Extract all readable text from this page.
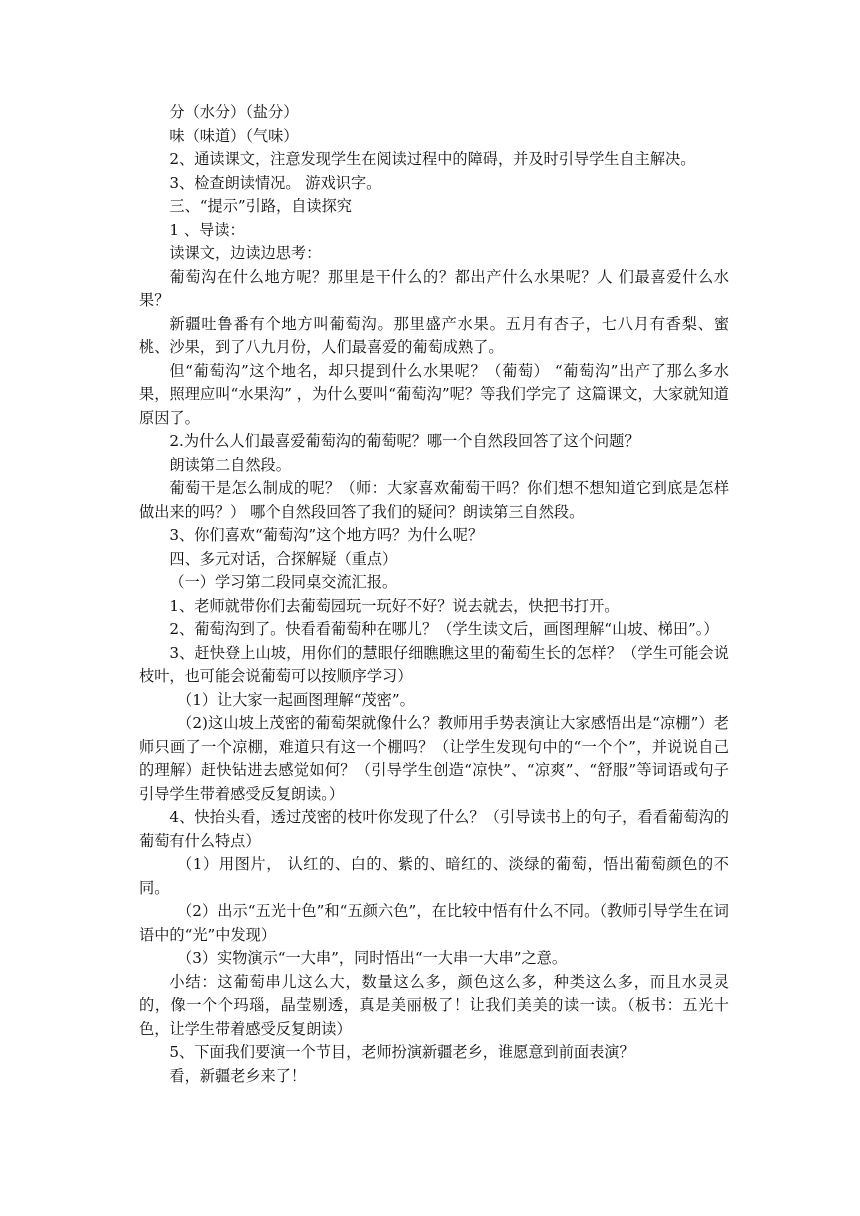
分（水分）（盐分）

味（味道）（气味）

2、通读课文，注意发现学生在阅读过程中的障碍，并及时引导学生自主解决。

3、检查朗读情况。 游戏识字。

三、“提示”引路，自读探究

1 、导读：

读课文，边读边思考：

葡萄沟在什么地方呢？那里是干什么的？都出产什么水果呢？人 们最喜爱什么水果？

新疆吐鲁番有个地方叫葡萄沟。那里盛产水果。五月有杏子，七八月有香梨、蜜桃、沙果，到了八九月份，人们最喜爱的葡萄成熟了。

但“葡萄沟”这个地名，却只提到什么水果呢？（葡萄） “葡萄沟”出产了那么多水果，照理应叫“水果沟” ，为什么要叫“葡萄沟”呢？等我们学完了 这篇课文，大家就知道原因了。

2.为什么人们最喜爱葡萄沟的葡萄呢？哪一个自然段回答了这个问题？

朗读第二自然段。

葡萄干是怎么制成的呢？（师：大家喜欢葡萄干吗？你们想不想知道它到底是怎样做出来的吗？） 哪个自然段回答了我们的疑问？朗读第三自然段。

3、你们喜欢“葡萄沟”这个地方吗？为什么呢？

四、多元对话，合探解疑（重点）

（一）学习第二段同桌交流汇报。

1、老师就带你们去葡萄园玩一玩好不好？说去就去，快把书打开。

2、葡萄沟到了。快看看葡萄种在哪儿？（学生读文后，画图理解“山坡、梯田”。）

3、赶快登上山坡，用你们的慧眼仔细瞧瞧这里的葡萄生长的怎样？（学生可能会说枝叶，也可能会说葡萄可以按顺序学习）

（1）让大家一起画图理解“茂密”。

（2)这山坡上茂密的葡萄架就像什么？教师用手势表演让大家感悟出是“凉棚”）老师只画了一个凉棚，难道只有这一个棚吗？（让学生发现句中的“一个个”，并说说自己的理解）赶快钻进去感觉如何？（引导学生创造“凉快”、“凉爽”、“舒服”等词语或句子引导学生带着感受反复朗读。）

4、快抬头看，透过茂密的枝叶你发现了什么？（引导读书上的句子，看看葡萄沟的葡萄有什么特点）

（1）用图片， 认红的、白的、紫的、暗红的、淡绿的葡萄，悟出葡萄颜色的不同。

（2）出示“五光十色”和“五颜六色”，在比较中悟有什么不同。（教师引导学生在词语中的“光”中发现）

（3）实物演示“一大串”，同时悟出“一大串一大串”之意。

小结：这葡萄串儿这么大，数量这么多，颜色这么多，种类这么多，而且水灵灵的，像一个个玛瑙，晶莹剔透，真是美丽极了！让我们美美的读一读。（板书：五光十色，让学生带着感受反复朗读）

5、下面我们要演一个节目，老师扮演新疆老乡，谁愿意到前面表演？

看，新疆老乡来了！
